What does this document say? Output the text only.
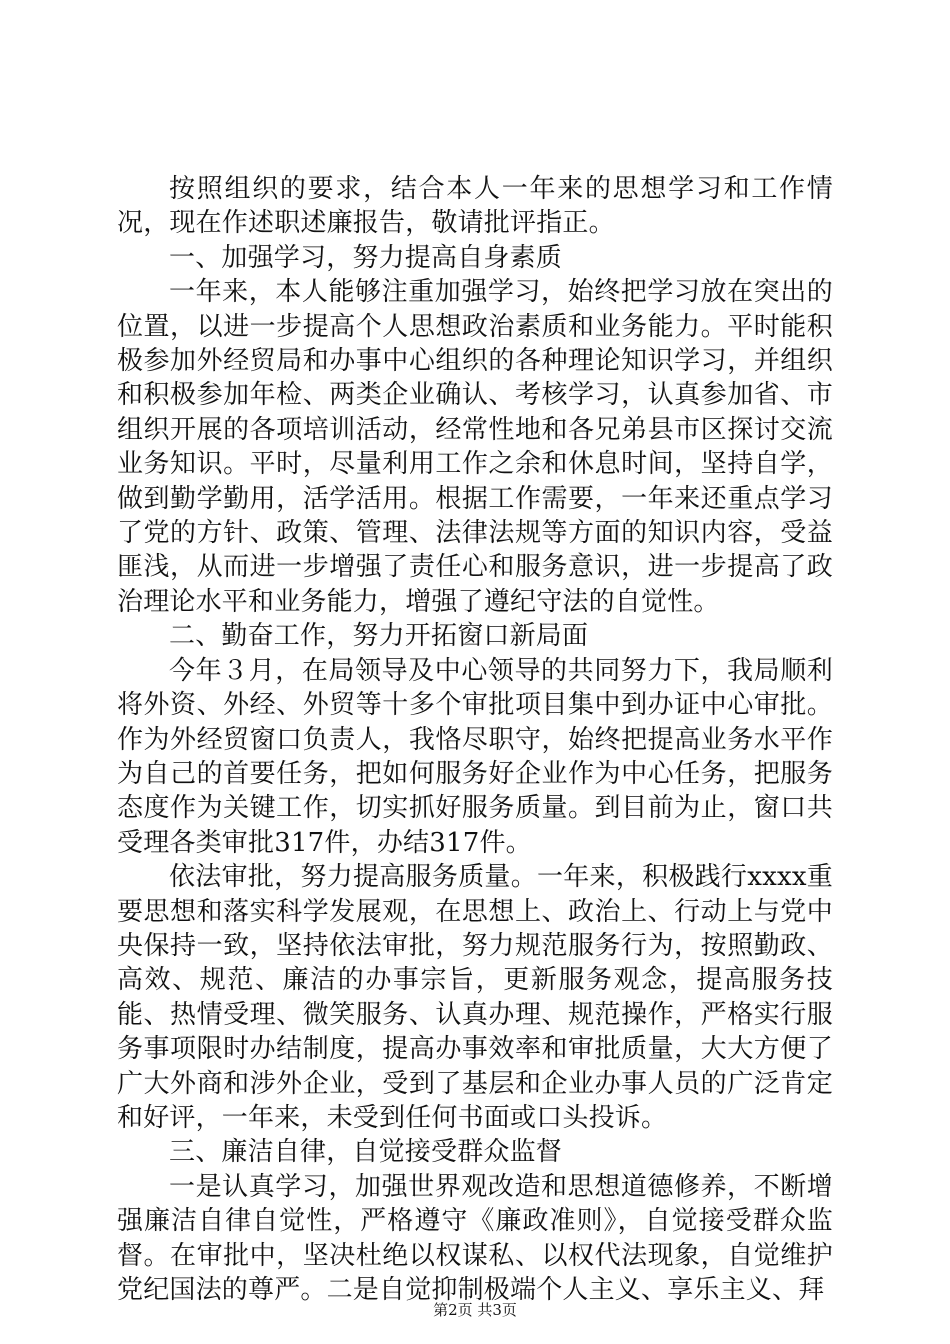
按照组织的要求，结合本人一年来的思想学习和工作情况，现在作述职述廉报告，敬请批评指正。

一、加强学习，努力提高自身素质

一年来，本人能够注重加强学习，始终把学习放在突出的位置，以进一步提高个人思想政治素质和业务能力。平时能积极参加外经贸局和办事中心组织的各种理论知识学习，并组织和积极参加年检、两类企业确认、考核学习，认真参加省、市组织开展的各项培训活动，经常性地和各兄弟县市区探讨交流业务知识。平时，尽量利用工作之余和休息时间，坚持自学，做到勤学勤用，活学活用。根据工作需要，一年来还重点学习了党的方针、政策、管理、法律法规等方面的知识内容，受益匪浅，从而进一步增强了责任心和服务意识，进一步提高了政治理论水平和业务能力，增强了遵纪守法的自觉性。

二、勤奋工作，努力开拓窗口新局面

今年３月，在局领导及中心领导的共同努力下，我局顺利将外资、外经、外贸等十多个审批项目集中到办证中心审批。作为外经贸窗口负责人，我恪尽职守，始终把提高业务水平作为自己的首要任务，把如何服务好企业作为中心任务，把服务态度作为关键工作，切实抓好服务质量。到目前为止，窗口共受理各类审批317件，办结317件。

依法审批，努力提高服务质量。一年来，积极践行xxxx重要思想和落实科学发展观，在思想上、政治上、行动上与党中央保持一致，坚持依法审批，努力规范服务行为，按照勤政、高效、规范、廉洁的办事宗旨，更新服务观念，提高服务技能、热情受理、微笑服务、认真办理、规范操作，严格实行服务事项限时办结制度，提高办事效率和审批质量，大大方便了广大外商和涉外企业，受到了基层和企业办事人员的广泛肯定和好评，一年来，未受到任何书面或口头投诉。

三、廉洁自律，自觉接受群众监督

一是认真学习，加强世界观改造和思想道德修养，不断增强廉洁自律自觉性，严格遵守《廉政准则》，自觉接受群众监督。在审批中，坚决杜绝以权谋私、以权代法现象，自觉维护党纪国法的尊严。二是自觉抑制极端个人主义、享乐主义、拜

第2页 共3页
